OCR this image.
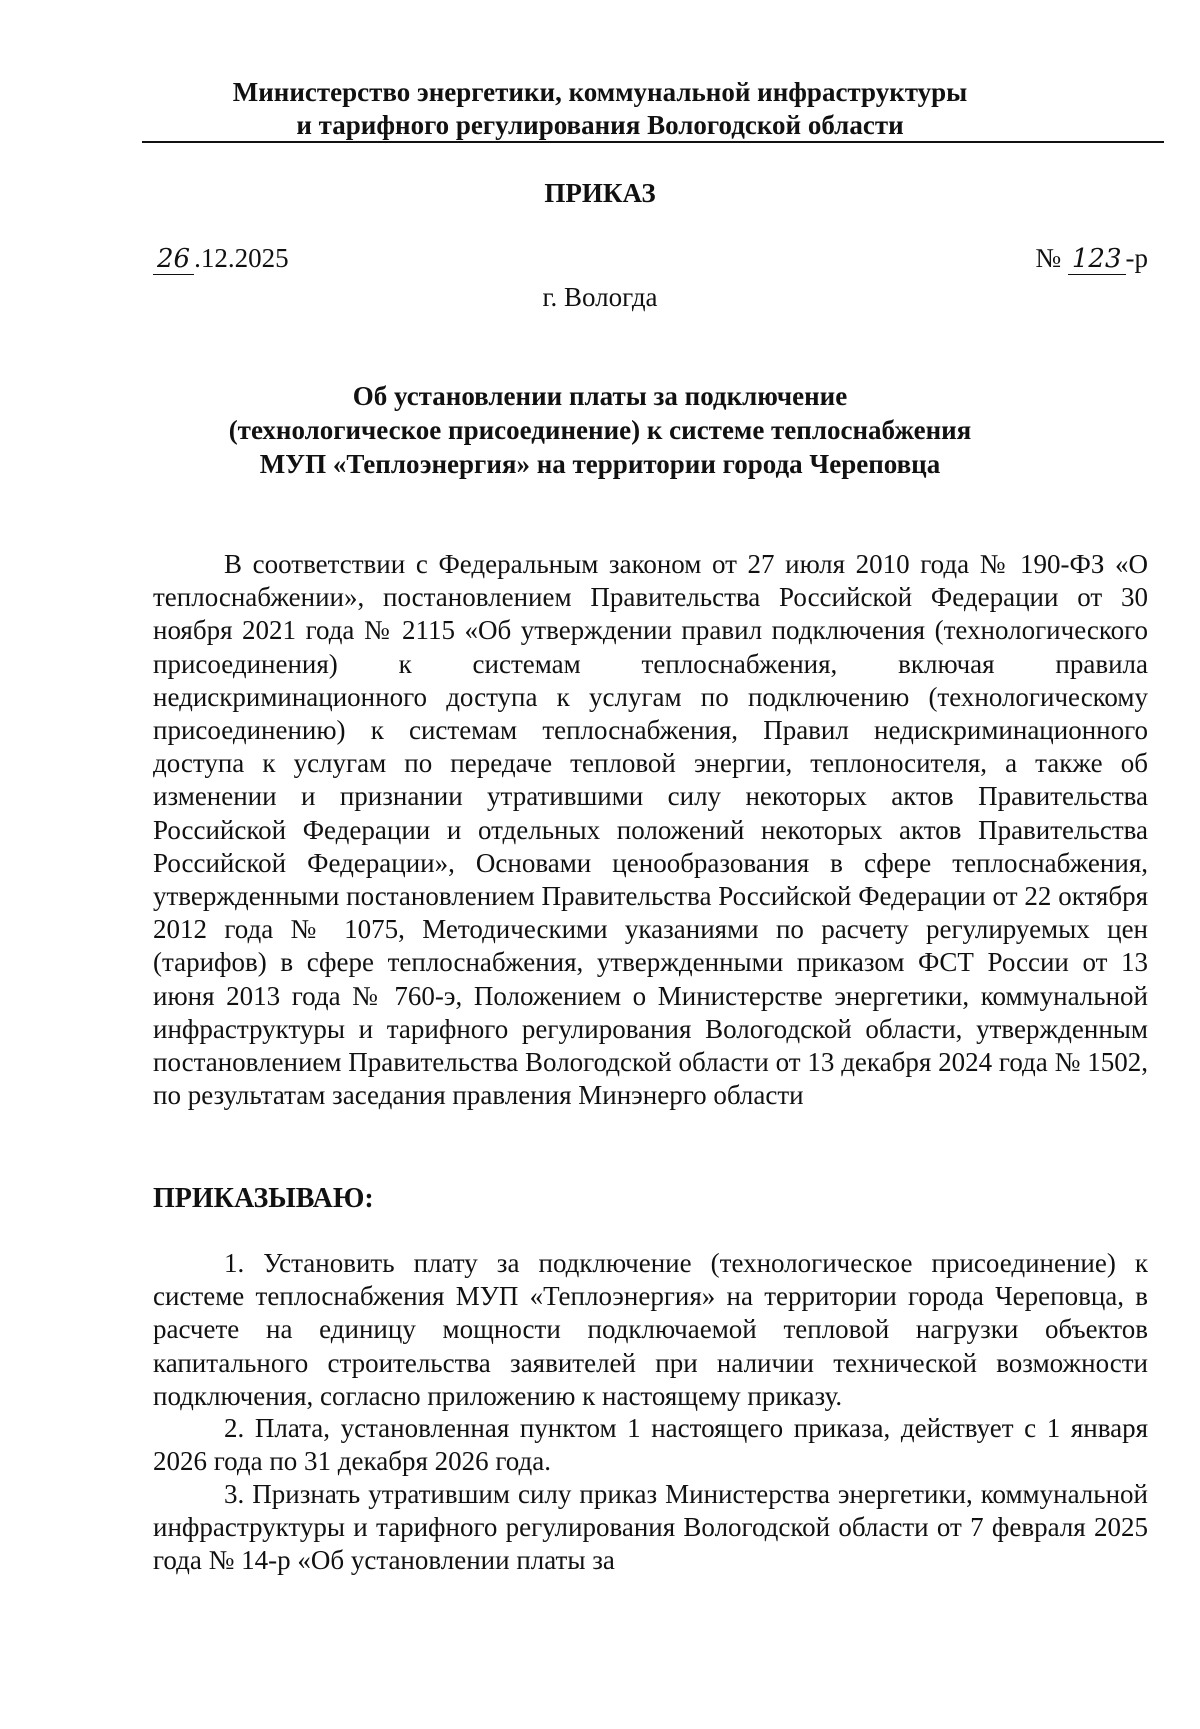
Министерство энергетики, коммунальной инфраструктуры
и тарифного регулирования Вологодской области
ПРИКАЗ
26 .12.2025	№ 123 -р
г. Вологда
Об установлении платы за подключение
(технологическое присоединение) к системе теплоснабжения
МУП «Теплоэнергия» на территории города Череповца

В соответствии с Федеральным законом от 27 июля 2010 года № 190-ФЗ «О теплоснабжении», постановлением Правительства Российской Федерации от 30 ноября 2021 года № 2115 «Об утверждении правил подключения (технологического присоединения) к системам теплоснабжения, включая правила недискриминационного доступа к услугам по подключению (технологическому присоединению) к системам теплоснабжения, Правил недискриминационного доступа к услугам по передаче тепловой энергии, теплоносителя, а также об изменении и признании утратившими силу некоторых актов Правительства Российской Федерации и отдельных положений некоторых актов Правительства Российской Федерации», Основами ценообразования в сфере теплоснабжения, утвержденными постановлением Правительства Российской Федерации от 22 октября 2012 года № 1075, Методическими указаниями по расчету регулируемых цен (тарифов) в сфере теплоснабжения, утвержденными приказом ФСТ России от 13 июня 2013 года № 760-э, Положением о Министерстве энергетики, коммунальной инфраструктуры и тарифного регулирования Вологодской области, утвержденным постановлением Правительства Вологодской области от 13 декабря 2024 года № 1502, по результатам заседания правления Минэнерго области

ПРИКАЗЫВАЮ:

1. Установить плату за подключение (технологическое присоединение) к системе теплоснабжения МУП «Теплоэнергия» на территории города Череповца, в расчете на единицу мощности подключаемой тепловой нагрузки объектов капитального строительства заявителей при наличии технической возможности подключения, согласно приложению к настоящему приказу.

2. Плата, установленная пунктом 1 настоящего приказа, действует с 1 января 2026 года по 31 декабря 2026 года.

3. Признать утратившим силу приказ Министерства энергетики, коммунальной инфраструктуры и тарифного регулирования Вологодской области от 7 февраля 2025 года № 14-р «Об установлении платы за
